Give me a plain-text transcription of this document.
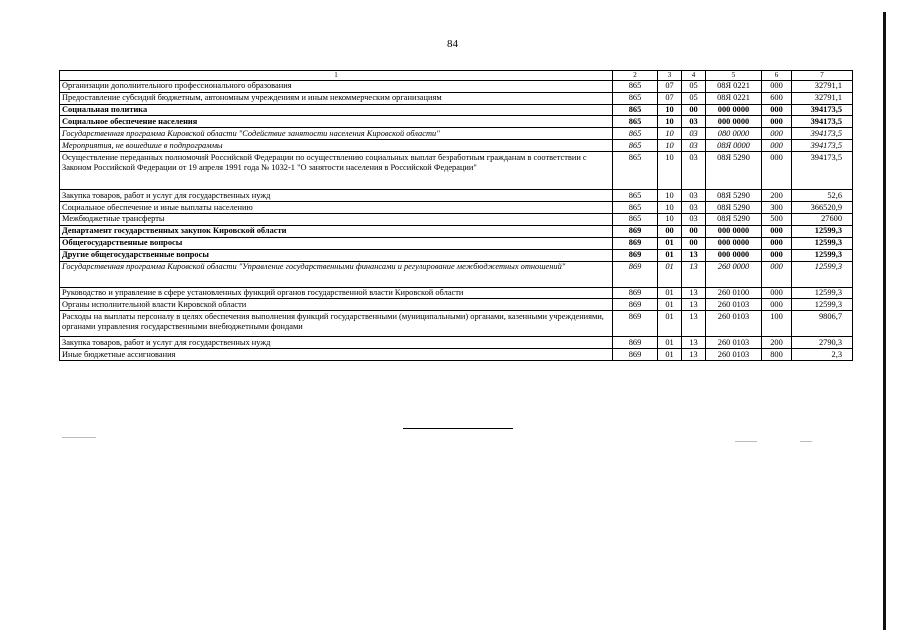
84
1	2	3	4	5	6	7
Организации дополнительного профессионального образования	865	07	05	08Я 0221	000	32791,1
Предоставление субсидий бюджетным, автономным учреждениям и иным некоммерческим организациям	865	07	05	08Я 0221	600	32791,1
Социальная политика	865	10	00	000 0000	000	394173,5
Социальное обеспечение населения	865	10	03	000 0000	000	394173,5
Государственная программа Кировской области "Содействие занятости населения Кировской области"	865	10	03	080 0000	000	394173,5
Мероприятия, не вошедшие в подпрограммы	865	10	03	08Я 0000	000	394173,5
Осуществление переданных полномочий Российской Федерации по осуществлению социальных выплат безработным гражданам в соответствии с Законом Российской Федерации от 19 апреля 1991 года № 1032-1 "О занятости населения в Российской Федерации"	865	10	03	08Я 5290	000	394173,5
Закупка товаров, работ и услуг для государственных нужд	865	10	03	08Я 5290	200	52,6
Социальное обеспечение и иные выплаты населению	865	10	03	08Я 5290	300	366520,9
Межбюджетные трансферты	865	10	03	08Я 5290	500	27600
Департамент государственных закупок Кировской области	869	00	00	000 0000	000	12599,3
Общегосударственные вопросы	869	01	00	000 0000	000	12599,3
Другие общегосударственные вопросы	869	01	13	000 0000	000	12599,3
Государственная программа Кировской области "Управление государственными финансами и регулирование межбюджетных отношений"	869	01	13	260 0000	000	12599,3
Руководство и управление в сфере установленных функций органов государственной власти Кировской области	869	01	13	260 0100	000	12599,3
Органы исполнительной власти Кировской области	869	01	13	260 0103	000	12599,3
Расходы на выплаты персоналу в целях обеспечения выполнения функций государственными (муниципальными) органами, казенными учреждениями, органами управления государственными внебюджетными фондами	869	01	13	260 0103	100	9806,7
Закупка товаров, работ и услуг для государственных нужд	869	01	13	260 0103	200	2790,3
Иные бюджетные ассигнования	869	01	13	260 0103	800	2,3
